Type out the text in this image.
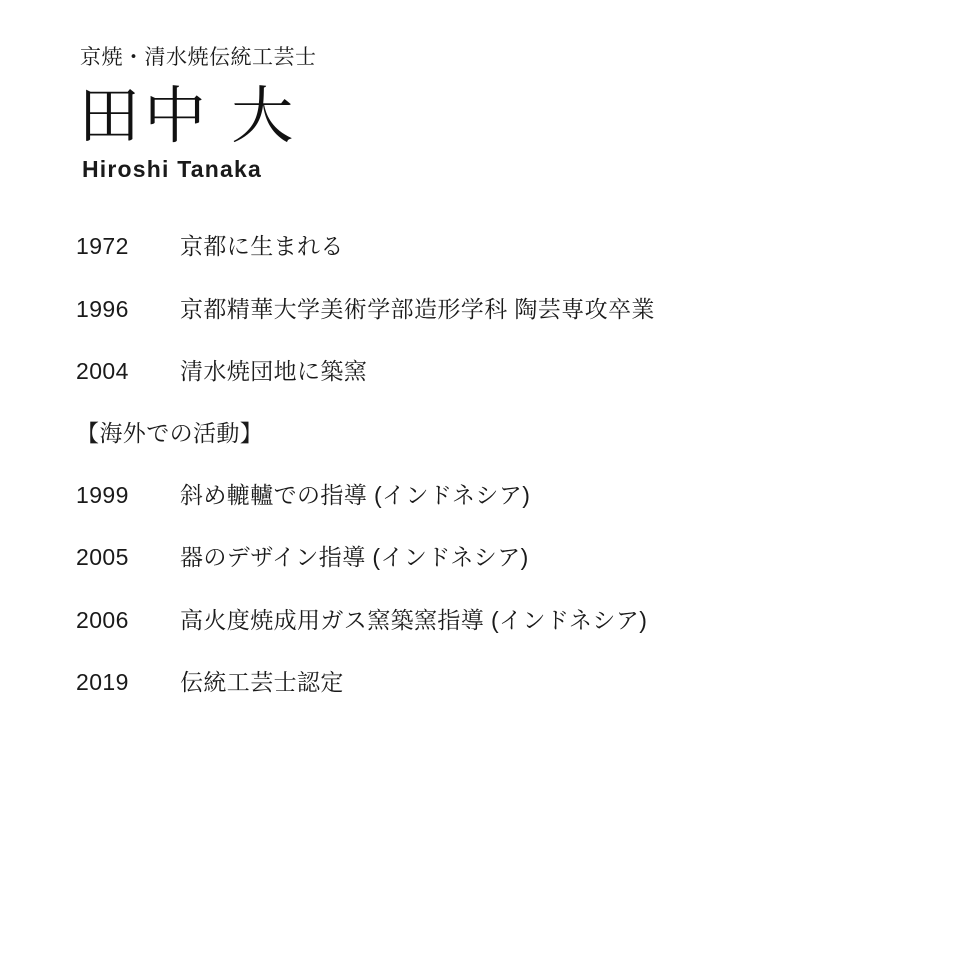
京焼・清水焼伝統工芸士
田中 大
Hiroshi Tanaka
1972	京都に生まれる
1996	京都精華大学美術学部造形学科 陶芸専攻卒業
2004	清水焼団地に築窯
【海外での活動】
1999	斜め轆轤での指導 (インドネシア)
2005	器のデザイン指導 (インドネシア)
2006	高火度焼成用ガス窯築窯指導 (インドネシア)
2019	伝統工芸士認定
